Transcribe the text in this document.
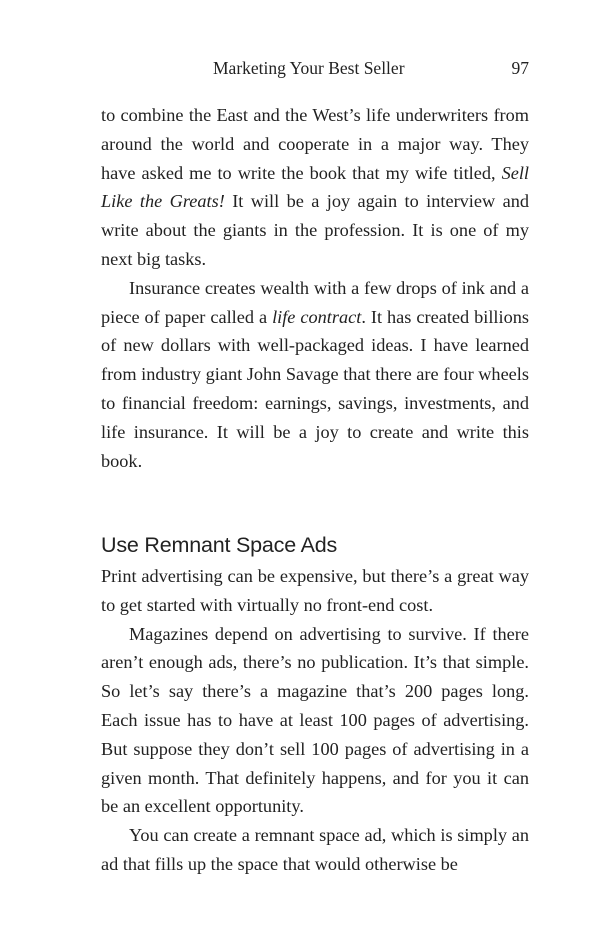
Marketing Your Best Seller	97

to combine the East and the West’s life underwriters from around the world and cooperate in a major way. They have asked me to write the book that my wife titled, Sell Like the Greats! It will be a joy again to interview and write about the giants in the profession. It is one of my next big tasks.

Insurance creates wealth with a few drops of ink and a piece of paper called a life contract. It has created billions of new dollars with well-packaged ideas. I have learned from industry giant John Savage that there are four wheels to financial freedom: earnings, savings, investments, and life insurance. It will be a joy to create and write this book.

Use Remnant Space Ads

Print advertising can be expensive, but there’s a great way to get started with virtually no front-end cost.

Magazines depend on advertising to survive. If there aren’t enough ads, there’s no publication. It’s that simple. So let’s say there’s a magazine that’s 200 pages long. Each issue has to have at least 100 pages of advertising. But suppose they don’t sell 100 pages of advertising in a given month. That definitely happens, and for you it can be an excellent opportunity.

You can create a remnant space ad, which is simply an ad that fills up the space that would otherwise be
